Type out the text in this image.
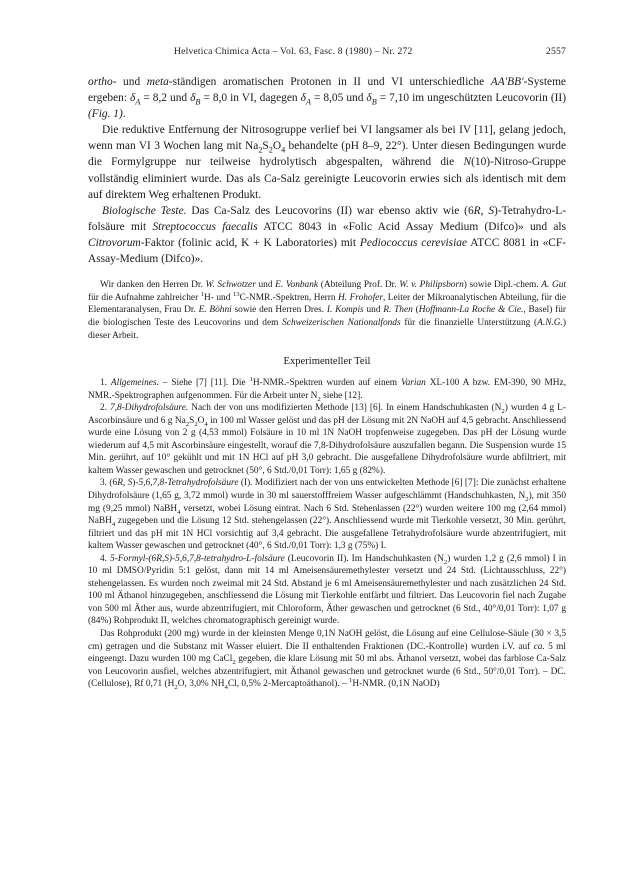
Helvetica Chimica Acta – Vol. 63, Fasc. 8 (1980) – Nr. 272	2557

ortho- und meta-ständigen aromatischen Protonen in II und VI unterschiedliche AA′BB′-Systeme ergeben: $\delta_A = 8,2$ und $\delta_B = 8,0$ in VI, dagegen $\delta_A = 8,05$ und $\delta_B = 7,10$ im ungeschützten Leucovorin (II) (Fig. 1).

Die reduktive Entfernung der Nitrosogruppe verlief bei VI langsamer als bei IV [11], gelang jedoch, wenn man VI 3 Wochen lang mit $Na_2S_2O_4$ behandelte (pH 8–9, 22°). Unter diesen Bedingungen wurde die Formylgruppe nur teilweise hydrolytisch abgespalten, während die N(10)-Nitroso-Gruppe vollständig eliminiert wurde. Das als Ca-Salz gereinigte Leucovorin erwies sich als identisch mit dem auf direktem Weg erhaltenen Produkt.

Biologische Teste. Das Ca-Salz des Leucovorins (II) war ebenso aktiv wie (6R, S)-Tetrahydro-L-folsäure mit Streptococcus faecalis ATCC 8043 in «Folic Acid Assay Medium (Difco)» und als Citrovorum-Faktor (folinic acid, K + K Laboratories) mit Pediococcus cerevisiae ATCC 8081 in «CF-Assay-Medium (Difco)».

Wir danken den Herren Dr. W. Schwotzer und E. Vonbank (Abteilung Prof. Dr. W. v. Philipsborn) sowie Dipl.-chem. A. Gut für die Aufnahme zahlreicher $^1$H- und $^{13}$C-NMR.-Spektren, Herrn H. Frohofer, Leiter der Mikroanalytischen Abteilung, für die Elementaranalysen, Frau Dr. E. Böhni sowie den Herren Dres. I. Kompis und R. Then (Hoffmann-La Roche & Cie., Basel) für die biologischen Teste des Leucovorins und dem Schweizerischen Nationalfonds für die finanzielle Unterstützung (A.N.G.) dieser Arbeit.

Experimenteller Teil

1. Allgemeines. – Siehe [7] [11]. Die $^1$H-NMR.-Spektren wurden auf einem Varian XL-100 A bzw. EM-390, 90 MHz, NMR.-Spektrographen aufgenommen. Für die Arbeit unter $N_2$ siehe [12].

2. 7,8-Dihydrofolsäure. Nach der von uns modifizierten Methode [13] [6]. In einem Handschuhkasten $(N_2)$ wurden 4 g L-Ascorbinsäure und 6 g $Na_2S_2O_4$ in 100 ml Wasser gelöst und das pH der Lösung mit 2N NaOH auf 4,5 gebracht. Anschliessend wurde eine Lösung von 2 g (4,53 mmol) Folsäure in 10 ml 1N NaOH tropfenweise zugegeben. Das pH der Lösung wurde wiederum auf 4,5 mit Ascorbinsäure eingestellt, worauf die 7,8-Dihydrofolsäure auszufallen begann. Die Suspension wurde 15 Min. gerührt, auf 10° gekühlt und mit 1N HCl auf pH 3,0 gebracht. Die ausgefallene Dihydrofolsäure wurde abfiltriert, mit kaltem Wasser gewaschen und getrocknet (50°, 6 Std./0,01 Torr): 1,65 g (82%).

3. (6R, S)-5,6,7,8-Tetrahydrofolsäure (I). Modifiziert nach der von uns entwickelten Methode [6] [7]: Die zunächst erhaltene Dihydrofolsäure (1,65 g, 3,72 mmol) wurde in 30 ml sauerstofffreiem Wasser aufgeschlämmt (Handschuhkasten, $N_2$), mit 350 mg (9,25 mmol) NaBH$_4$ versetzt, wobei Lösung eintrat. Nach 6 Std. Stehenlassen (22°) wurden weitere 100 mg (2,64 mmol) NaBH$_4$ zugegeben und die Lösung 12 Std. stehengelassen (22°). Anschliessend wurde mit Tierkohle versetzt, 30 Min. gerührt, filtriert und das pH mit 1N HCl vorsichtig auf 3,4 gebracht. Die ausgefallene Tetrahydrofolsäure wurde abzentrifugiert, mit kaltem Wasser gewaschen und getrocknet (40°, 6 Std./0,01 Torr): 1,3 g (75%) I.

4. 5-Formyl-(6R,S)-5,6,7,8-tetrahydro-L-folsäure (Leucovorin II). Im Handschuhkasten $(N_2)$ wurden 1,2 g (2,6 mmol) I in 10 ml DMSO/Pyridin 5:1 gelöst, dann mit 14 ml Ameisensäuremethylester versetzt und 24 Std. (Lichtausschluss, 22°) stehengelassen. Es wurden noch zweimal mit 24 Std. Abstand je 6 ml Ameisensäuremethylester und nach zusätzlichen 24 Std. 100 ml Äthanol hinzugegeben, anschliessend die Lösung mit Tierkohle entfärbt und filtriert. Das Leucovorin fiel nach Zugabe von 500 ml Äther aus, wurde abzentrifugiert, mit Chloroform, Äther gewaschen und getrocknet (6 Std., 40°/0,01 Torr): 1,07 g (84%) Rohprodukt II, welches chromatographisch gereinigt wurde.

Das Rohprodukt (200 mg) wurde in der kleinsten Menge 0,1N NaOH gelöst, die Lösung auf eine Cellulose-Säule (30 × 3,5 cm) getragen und die Substanz mit Wasser eluiert. Die II enthaltenden Fraktionen (DC.-Kontrolle) wurden i.V. auf ca. 5 ml eingeengt. Dazu wurden 100 mg CaCl$_2$ gegeben, die klare Lösung mit 50 ml abs. Äthanol versetzt, wobei das farblose Ca-Salz von Leucovorin ausfiel, welches abzentrifugiert, mit Äthanol gewaschen und getrocknet wurde (6 Std., 50°/0,01 Torr). – DC. (Cellulose), Rf 0,71 ($H_2O$, 3,0% $NH_4Cl$, 0,5% 2-Mercaptoäthanol). – $^1$H-NMR. (0,1N NaOD)
